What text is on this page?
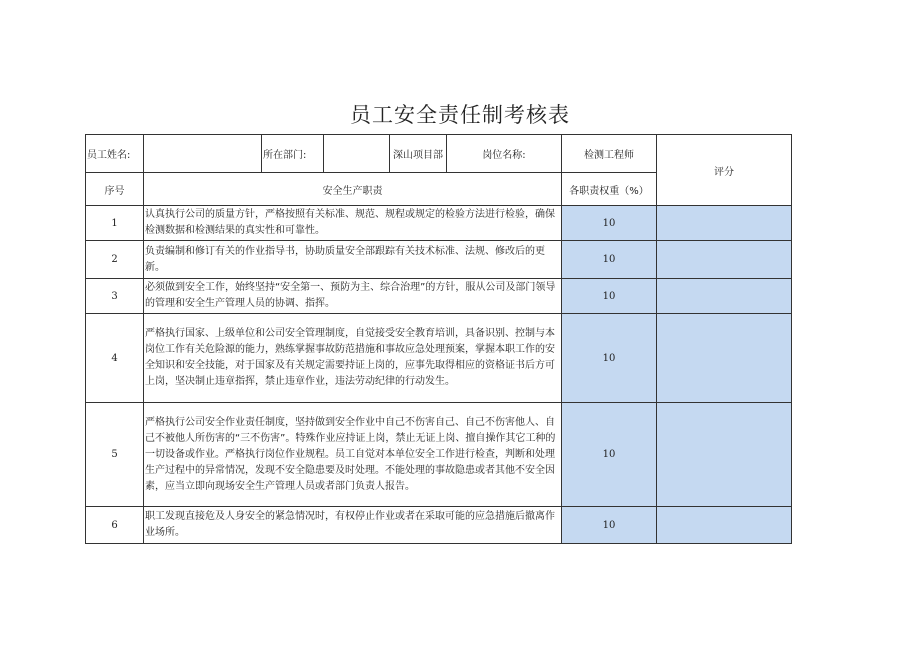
员工安全责任制考核表
员工姓名:		所在部门:		深山项目部	岗位名称:	检测工程师	评分
序号	安全生产职责					各职责权重（%）	
1	认真执行公司的质量方针，严格按照有关标准、规范、规程或规定的检验方法进行检验，确保检测数据和检测结果的真实性和可靠性。					10	
2	负责编制和修订有关的作业指导书，协助质量安全部跟踪有关技术标准、法规、修改后的更新。					10	
3	必须做到安全工作，始终坚持“安全第一、预防为主、综合治理”的方针，服从公司及部门领导的管理和安全生产管理人员的协调、指挥。					10	
4	严格执行国家、上级单位和公司安全管理制度，自觉接受安全教育培训，具备识别、控制与本岗位工作有关危险源的能力，熟练掌握事故防范措施和事故应急处理预案，掌握本职工作的安全知识和安全技能，对于国家及有关规定需要持证上岗的，应事先取得相应的资格证书后方可上岗，坚决制止违章指挥，禁止违章作业，违法劳动纪律的行动发生。					10	
5	严格执行公司安全作业责任制度，坚持做到安全作业中自己不伤害自己、自己不伤害他人、自己不被他人所伤害的“三不伤害”。特殊作业应持证上岗，禁止无证上岗、擅自操作其它工种的一切设备或作业。严格执行岗位作业规程。员工自觉对本单位安全工作进行检查，判断和处理生产过程中的异常情况，发现不安全隐患要及时处理。不能处理的事故隐患或者其他不安全因素，应当立即向现场安全生产管理人员或者部门负责人报告。					10	
6	职工发现直接危及人身安全的紧急情况时，有权停止作业或者在采取可能的应急措施后撤离作业场所。					10	
